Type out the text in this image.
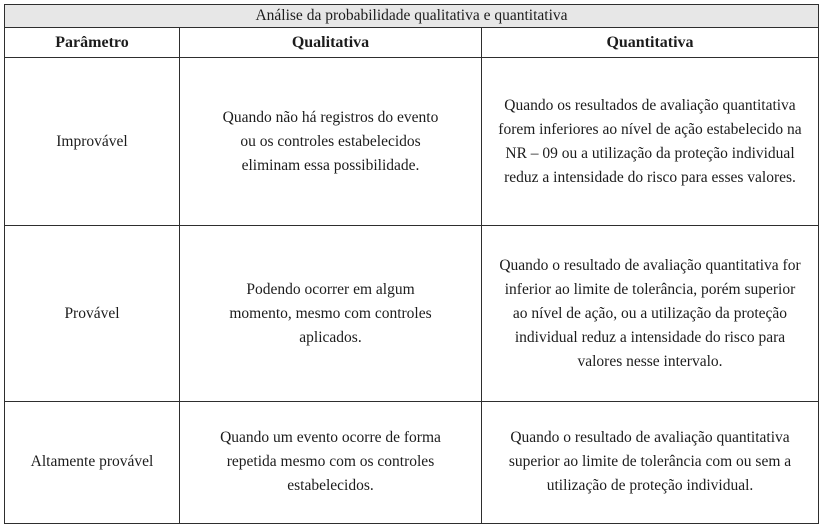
Análise da probabilidade qualitativa e quantitativa		
Parâmetro	Qualitativa	Quantitativa
Improvável	Quando não há registros do evento ou os controles estabelecidos eliminam essa possibilidade.	Quando os resultados de avaliação quantitativa forem inferiores ao nível de ação estabelecido na NR – 09 ou a utilização da proteção individual reduz a intensidade do risco para esses valores.
Provável	Podendo ocorrer em algum momento, mesmo com controles aplicados.	Quando o resultado de avaliação quantitativa for inferior ao limite de tolerância, porém superior ao nível de ação, ou a utilização da proteção individual reduz a intensidade do risco para valores nesse intervalo.
Altamente provável	Quando um evento ocorre de forma repetida mesmo com os controles estabelecidos.	Quando o resultado de avaliação quantitativa superior ao limite de tolerância com ou sem a utilização de proteção individual.
